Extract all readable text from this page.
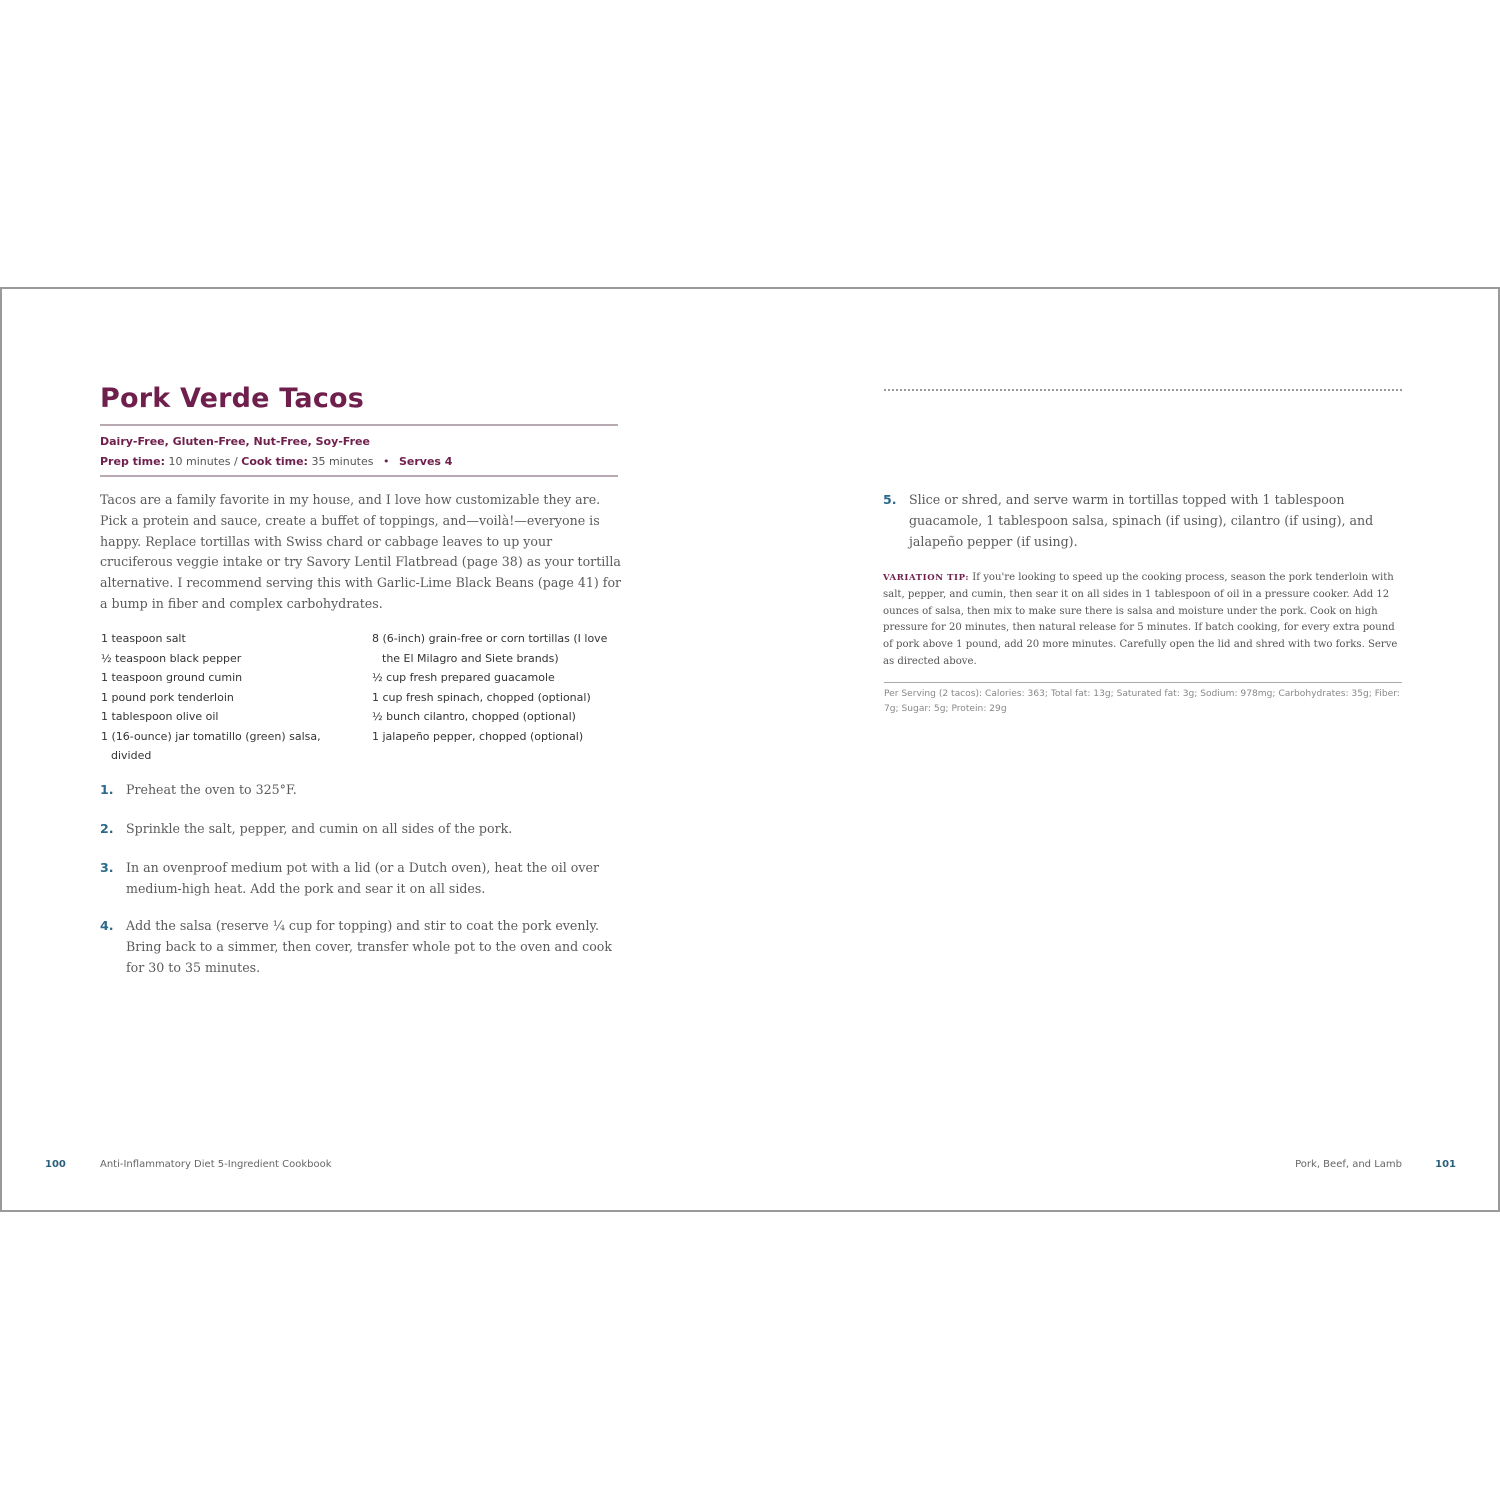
Pork Verde Tacos
Dairy-Free, Gluten-Free, Nut-Free, Soy-Free
Prep time: 10 minutes / Cook time: 35 minutes • Serves 4
Tacos are a family favorite in my house, and I love how customizable they are. Pick a protein and sauce, create a buffet of toppings, and—voilà!—everyone is happy. Replace tortillas with Swiss chard or cabbage leaves to up your cruciferous veggie intake or try Savory Lentil Flatbread (page 38) as your tortilla alternative. I recommend serving this with Garlic-Lime Black Beans (page 41) for a bump in fiber and complex carbohydrates.
1 teaspoon salt
½ teaspoon black pepper
1 teaspoon ground cumin
1 pound pork tenderloin
1 tablespoon olive oil
1 (16-ounce) jar tomatillo (green) salsa, divided
8 (6-inch) grain-free or corn tortillas (I love the El Milagro and Siete brands)
½ cup fresh prepared guacamole
1 cup fresh spinach, chopped (optional)
½ bunch cilantro, chopped (optional)
1 jalapeño pepper, chopped (optional)
1. Preheat the oven to 325°F.
2. Sprinkle the salt, pepper, and cumin on all sides of the pork.
3. In an ovenproof medium pot with a lid (or a Dutch oven), heat the oil over medium-high heat. Add the pork and sear it on all sides.
4. Add the salsa (reserve ¼ cup for topping) and stir to coat the pork evenly. Bring back to a simmer, then cover, transfer whole pot to the oven and cook for 30 to 35 minutes.
5. Slice or shred, and serve warm in tortillas topped with 1 tablespoon guacamole, 1 tablespoon salsa, spinach (if using), cilantro (if using), and jalapeño pepper (if using).
VARIATION TIP: If you're looking to speed up the cooking process, season the pork tenderloin with salt, pepper, and cumin, then sear it on all sides in 1 tablespoon of oil in a pressure cooker. Add 12 ounces of salsa, then mix to make sure there is salsa and moisture under the pork. Cook on high pressure for 20 minutes, then natural release for 5 minutes. If batch cooking, for every extra pound of pork above 1 pound, add 20 more minutes. Carefully open the lid and shred with two forks. Serve as directed above.
Per Serving (2 tacos): Calories: 363; Total fat: 13g; Saturated fat: 3g; Sodium: 978mg; Carbohydrates: 35g; Fiber: 7g; Sugar: 5g; Protein: 29g
100	Anti-Inflammatory Diet 5-Ingredient Cookbook	Pork, Beef, and Lamb	101
